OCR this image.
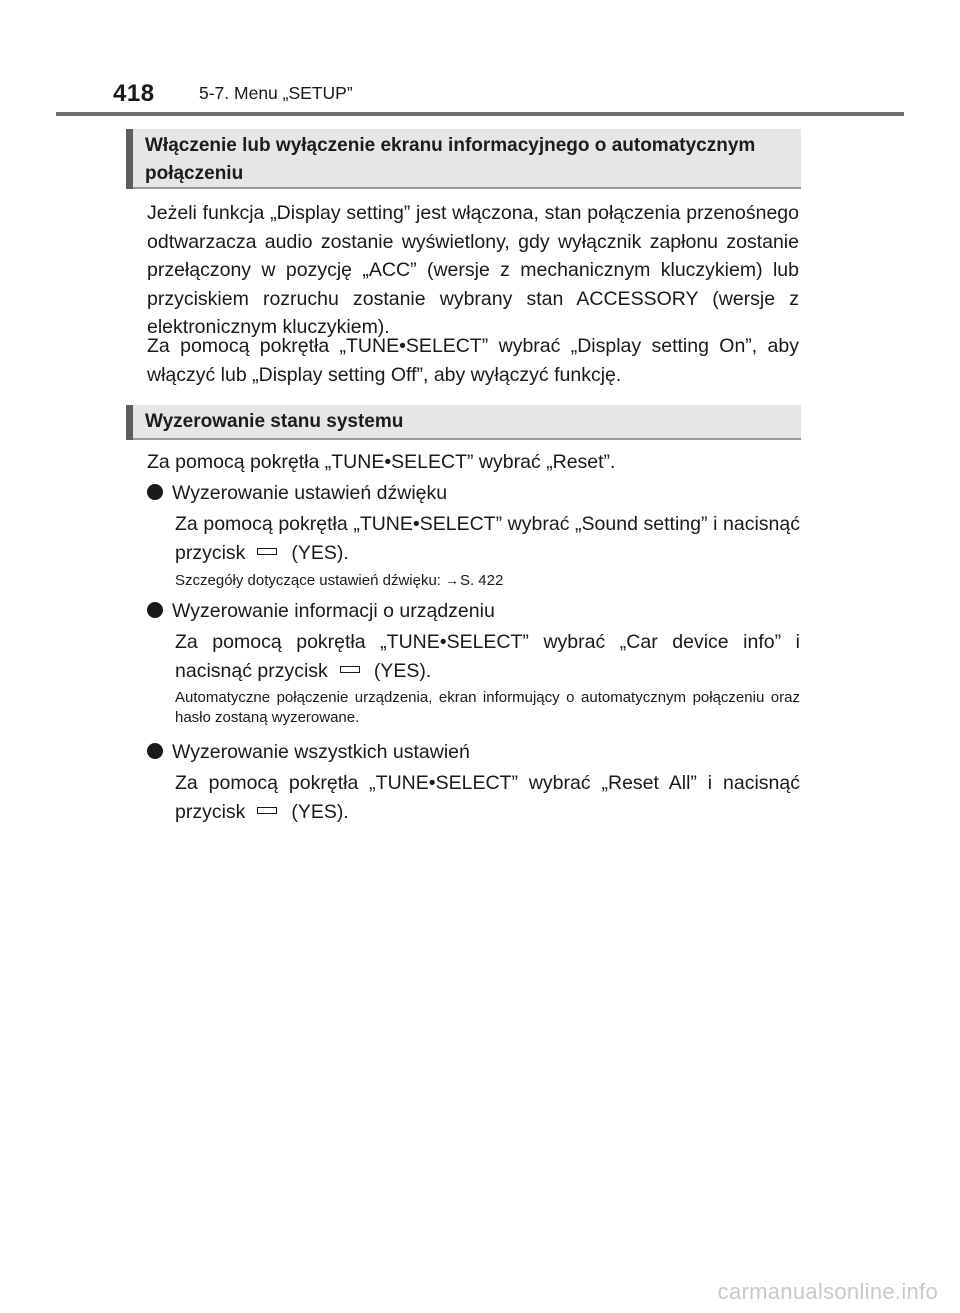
418	5-7. Menu „SETUP”
Włączenie lub wyłączenie ekranu informacyjnego o automatycznym
połączeniu
Jeżeli funkcja „Display setting” jest włączona, stan połączenia przenośnego odtwarzacza audio zostanie wyświetlony, gdy wyłącznik zapłonu zostanie przełączony w pozycję „ACC” (wersje z mechanicznym kluczykiem) lub przyciskiem rozruchu zostanie wybrany stan ACCESSORY (wersje z elektronicznym kluczykiem).
Za pomocą pokrętła „TUNE•SELECT” wybrać „Display setting On”, aby włączyć lub „Display setting Off”, aby wyłączyć funkcję.
Wyzerowanie stanu systemu
Za pomocą pokrętła „TUNE•SELECT” wybrać „Reset”.
Wyzerowanie ustawień dźwięku
Za pomocą pokrętła „TUNE•SELECT” wybrać „Sound setting” i nacisnąć przycisk (YES).
Szczegóły dotyczące ustawień dźwięku: →S. 422
Wyzerowanie informacji o urządzeniu
Za pomocą pokrętła „TUNE•SELECT” wybrać „Car device info” i nacisnąć przycisk (YES).
Automatyczne połączenie urządzenia, ekran informujący o automatycznym połączeniu oraz hasło zostaną wyzerowane.
Wyzerowanie wszystkich ustawień
Za pomocą pokrętła „TUNE•SELECT” wybrać „Reset All” i nacisnąć przycisk (YES).
carmanualsonline.info
